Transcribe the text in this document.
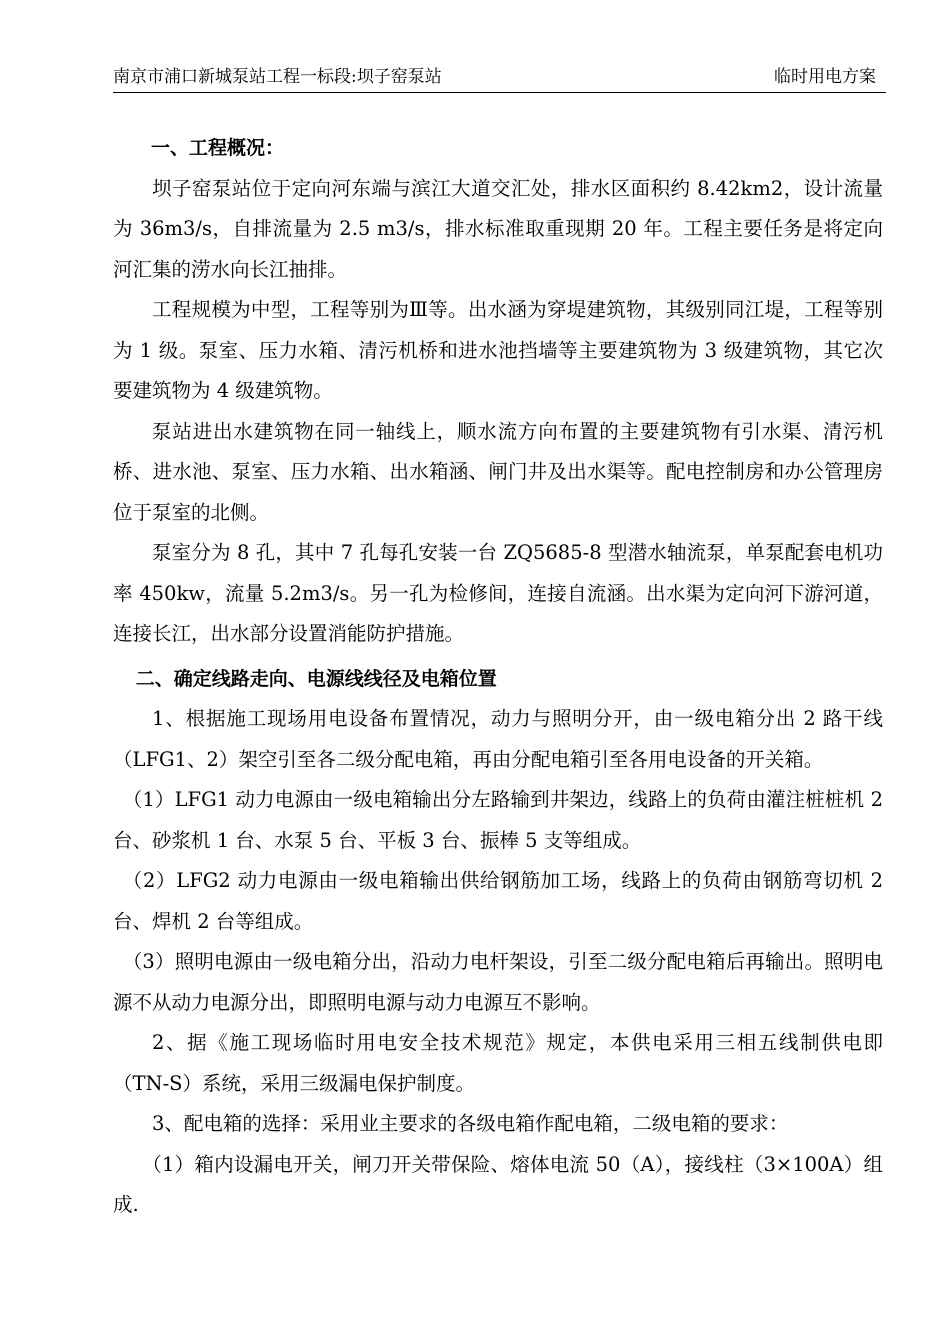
南京市浦口新城泵站工程一标段:坝子窑泵站	临时用电方案

一、工程概况：

坝子窑泵站位于定向河东端与滨江大道交汇处，排水区面积约 8.42km2，设计流量为 36m3/s，自排流量为 2.5 m3/s，排水标准取重现期 20 年。工程主要任务是将定向河汇集的涝水向长江抽排。

工程规模为中型，工程等别为Ⅲ等。出水涵为穿堤建筑物，其级别同江堤，工程等别为 1 级。泵室、压力水箱、清污机桥和进水池挡墙等主要建筑物为 3 级建筑物，其它次要建筑物为 4 级建筑物。

泵站进出水建筑物在同一轴线上，顺水流方向布置的主要建筑物有引水渠、清污机桥、进水池、泵室、压力水箱、出水箱涵、闸门井及出水渠等。配电控制房和办公管理房位于泵室的北侧。

泵室分为 8 孔，其中 7 孔每孔安装一台 ZQ5685-8 型潜水轴流泵，单泵配套电机功率 450kw，流量 5.2m3/s。另一孔为检修间，连接自流涵。出水渠为定向河下游河道，连接长江，出水部分设置消能防护措施。

二、确定线路走向、电源线线径及电箱位置

1、根据施工现场用电设备布置情况，动力与照明分开，由一级电箱分出 2 路干线（LFG1、2）架空引至各二级分配电箱，再由分配电箱引至各用电设备的开关箱。

（1）LFG1 动力电源由一级电箱输出分左路输到井架边，线路上的负荷由灌注桩桩机 2 台、砂浆机 1 台、水泵 5 台、平板 3 台、振棒 5 支等组成。

（2）LFG2 动力电源由一级电箱输出供给钢筋加工场，线路上的负荷由钢筋弯切机 2 台、焊机 2 台等组成。

（3）照明电源由一级电箱分出，沿动力电杆架设，引至二级分配电箱后再输出。照明电源不从动力电源分出，即照明电源与动力电源互不影响。

2、据《施工现场临时用电安全技术规范》规定，本供电采用三相五线制供电即（TN-S）系统，采用三级漏电保护制度。

3、配电箱的选择：采用业主要求的各级电箱作配电箱，二级电箱的要求：

（1）箱内设漏电开关，闸刀开关带保险、熔体电流 50（A），接线柱（3×100A）组成.
